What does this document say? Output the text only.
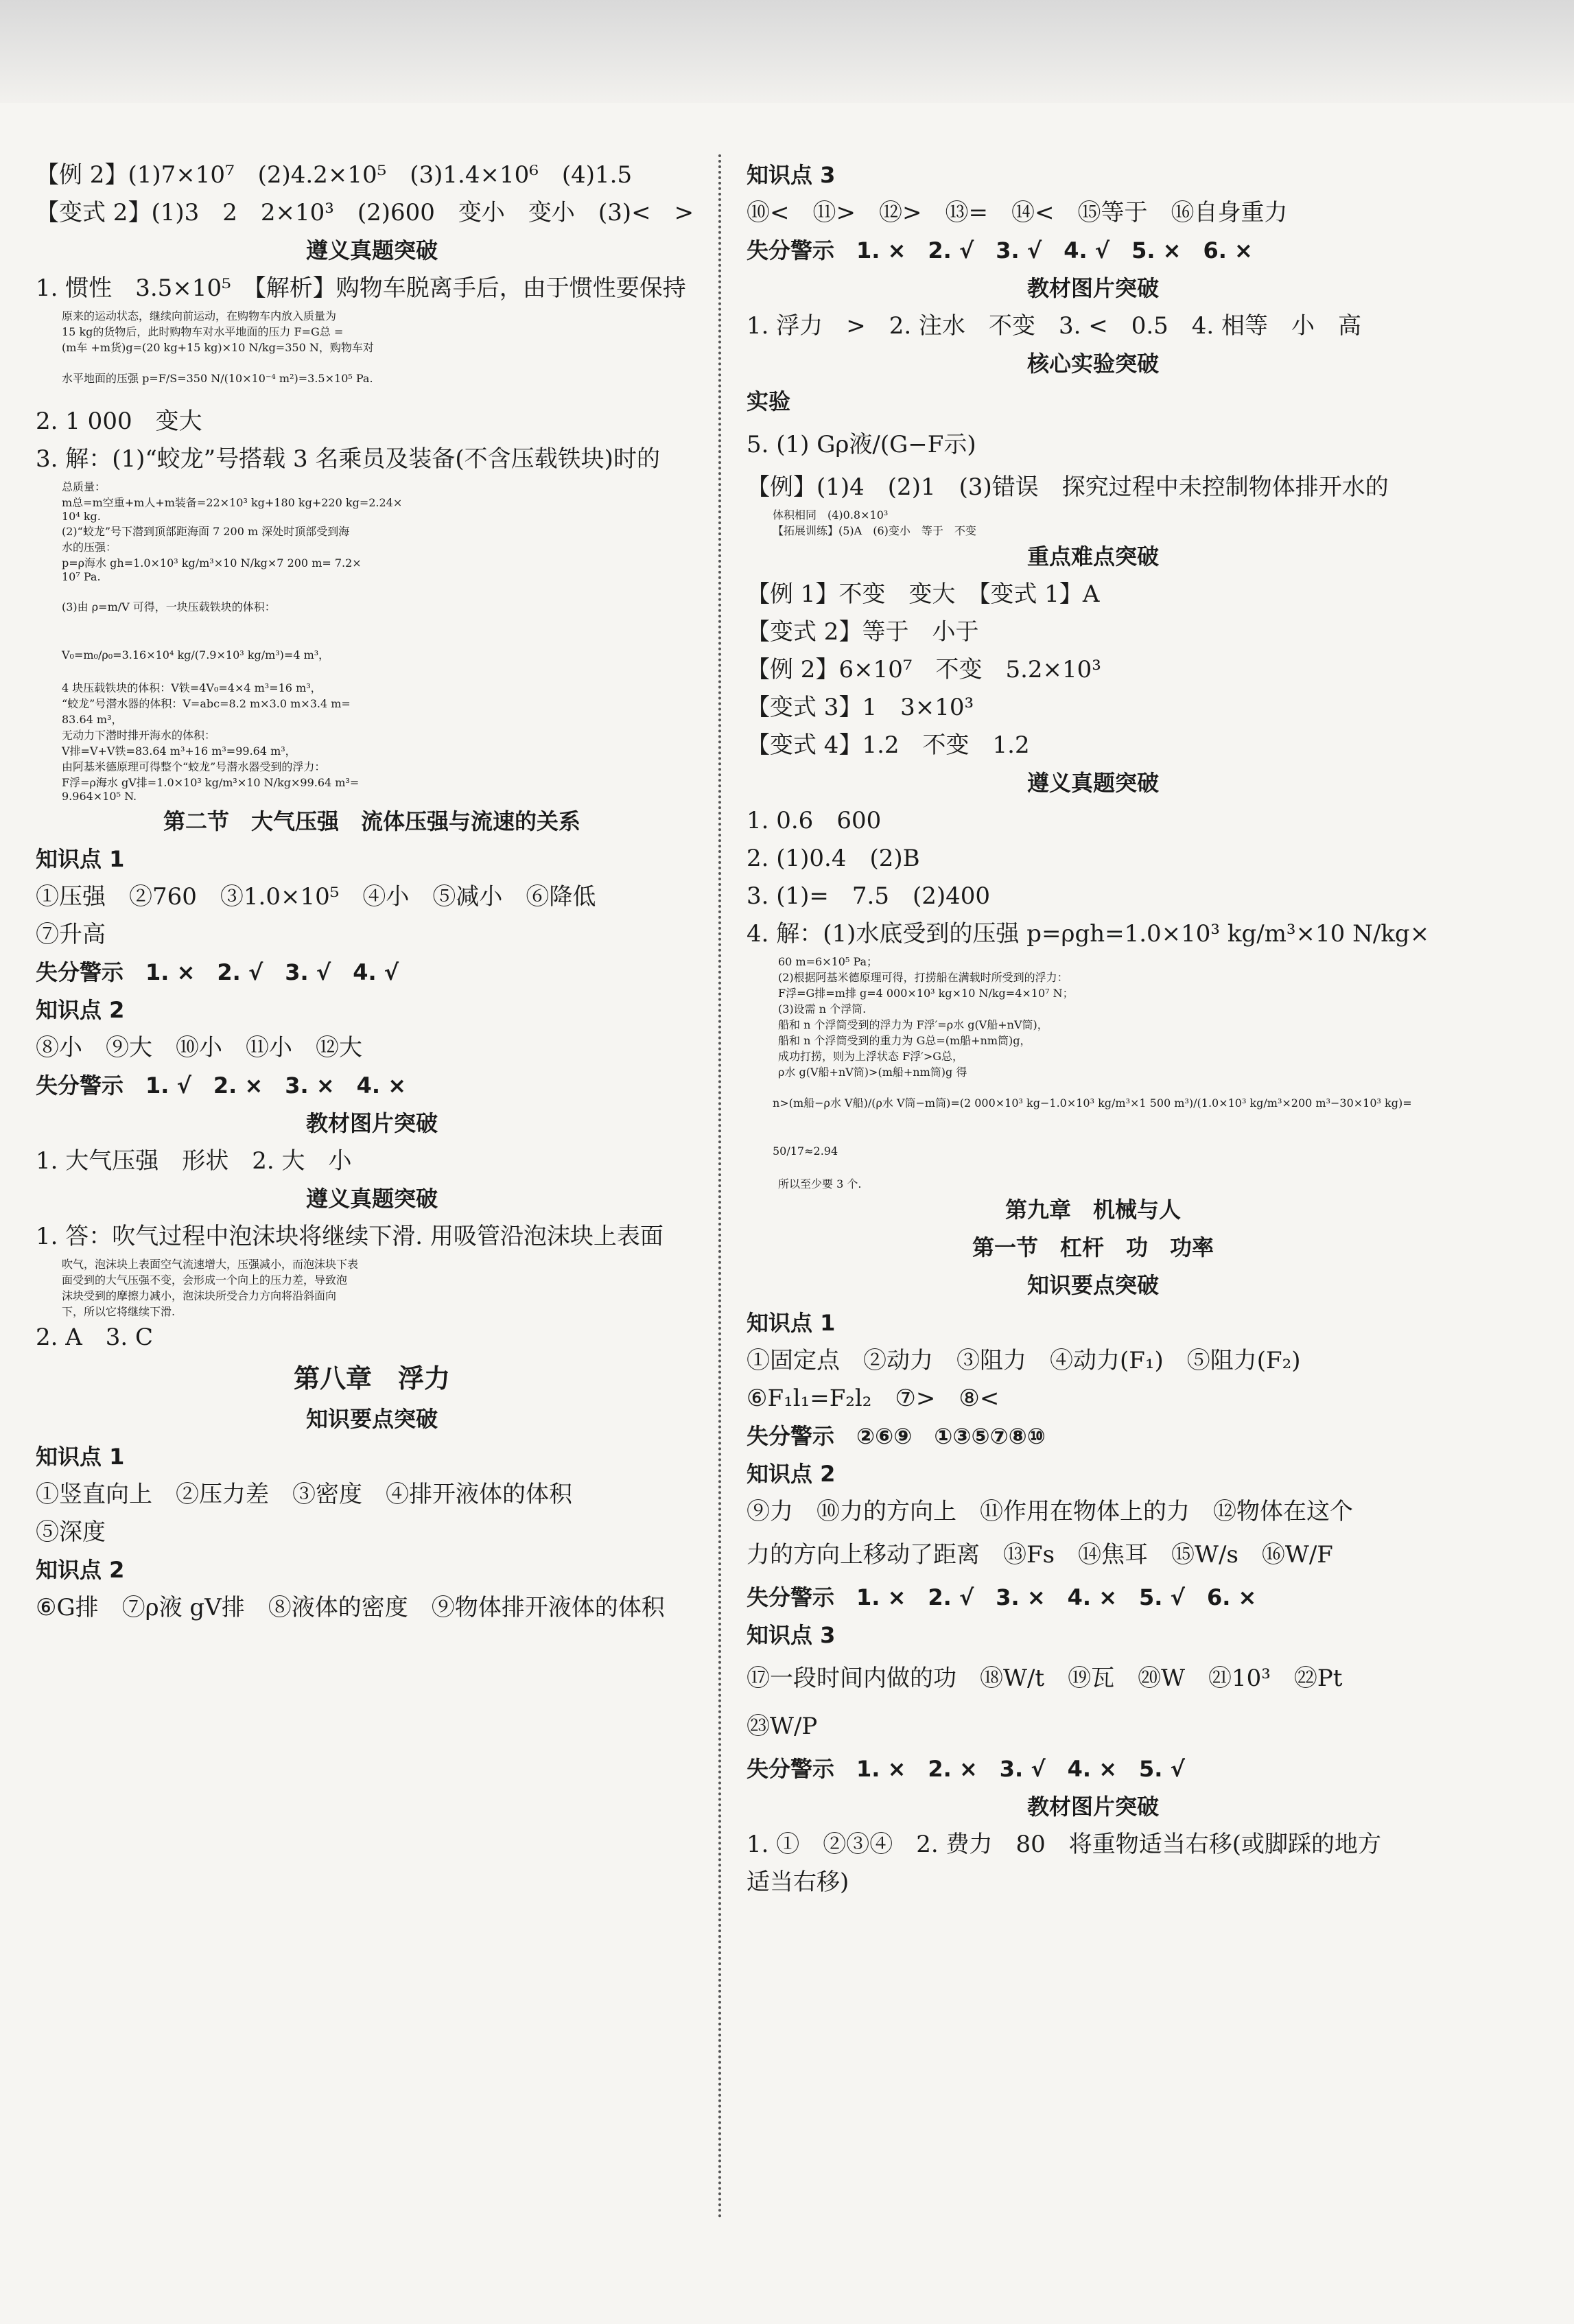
【例 2】(1)7×10⁷　(2)4.2×10⁵　(3)1.4×10⁶　(4)1.5
【变式 2】(1)3　2　2×10³　(2)600　变小　变小　(3)<　>
遵义真题突破
1. 惯性　3.5×10⁵　【解析】购物车脱离手后，由于惯性要保持
原来的运动状态，继续向前运动，在购物车内放入质量为
15 kg的货物后，此时购物车对水平地面的压力 F=G总 =
(m车 +m货)g=(20 kg+15 kg)×10 N/kg=350 N，购物车对
水平地面的压强 p=F/S=350 N/(10×10⁻⁴ m²)=3.5×10⁵ Pa.
2. 1 000　变大
3. 解：(1)“蛟龙”号搭载 3 名乘员及装备(不含压载铁块)时的
总质量：
m总=m空重+m人+m装备=22×10³ kg+180 kg+220 kg=2.24×
10⁴ kg.
(2)“蛟龙”号下潜到顶部距海面 7 200 m 深处时顶部受到海
水的压强：
p=ρ海水 gh=1.0×10³ kg/m³×10 N/kg×7 200 m= 7.2×
10⁷ Pa.
(3)由 ρ=m/V 可得，一块压载铁块的体积：
V₀=m₀/ρ₀=3.16×10⁴ kg/(7.9×10³ kg/m³)=4 m³，
4 块压载铁块的体积：V铁=4V₀=4×4 m³=16 m³，
“蛟龙”号潜水器的体积：V=abc=8.2 m×3.0 m×3.4 m=
83.64 m³，
无动力下潜时排开海水的体积：
V排=V+V铁=83.64 m³+16 m³=99.64 m³，
由阿基米德原理可得整个“蛟龙”号潜水器受到的浮力：
F浮=ρ海水 gV排=1.0×10³ kg/m³×10 N/kg×99.64 m³=
9.964×10⁵ N.
第二节　大气压强　流体压强与流速的关系
知识点 1
①压强　②760　③1.0×10⁵　④小　⑤减小　⑥降低
⑦升高
失分警示　1. ×　2. √　3. √　4. √
知识点 2
⑧小　⑨大　⑩小　⑪小　⑫大
失分警示　1. √　2. ×　3. ×　4. ×
教材图片突破
1. 大气压强　形状　2. 大　小
遵义真题突破
1. 答：吹气过程中泡沫块将继续下滑. 用吸管沿泡沫块上表面
吹气，泡沫块上表面空气流速增大，压强减小，而泡沫块下表
面受到的大气压强不变，会形成一个向上的压力差，导致泡
沫块受到的摩擦力减小，泡沫块所受合力方向将沿斜面向
下，所以它将继续下滑.
2. A　3. C
第八章　浮力
知识要点突破
知识点 1
①竖直向上　②压力差　③密度　④排开液体的体积
⑤深度
知识点 2
⑥G排　⑦ρ液 gV排　⑧液体的密度　⑨物体排开液体的体积
知识点 3
⑩<　⑪>　⑫>　⑬=　⑭<　⑮等于　⑯自身重力
失分警示　1. ×　2. √　3. √　4. √　5. ×　6. ×
教材图片突破
1. 浮力　>　2. 注水　不变　3. <　0.5　4. 相等　小　高
核心实验突破
实验
5. (1) Gρ液/(G−F示)
【例】(1)4　(2)1　(3)错误　探究过程中未控制物体排开水的
体积相同　(4)0.8×10³
【拓展训练】(5)A　(6)变小　等于　不变
重点难点突破
【例 1】不变　变大　【变式 1】A
【变式 2】等于　小于
【例 2】6×10⁷　不变　5.2×10³
【变式 3】1　3×10³
【变式 4】1.2　不变　1.2
遵义真题突破
1. 0.6　600
2. (1)0.4　(2)B
3. (1)=　7.5　(2)400
4. 解：(1)水底受到的压强 p=ρgh=1.0×10³ kg/m³×10 N/kg×
60 m=6×10⁵ Pa；
(2)根据阿基米德原理可得，打捞船在满载时所受到的浮力：
F浮=G排=m排 g=4 000×10³ kg×10 N/kg=4×10⁷ N；
(3)设需 n 个浮筒.
船和 n 个浮筒受到的浮力为 F浮′=ρ水 g(V船+nV筒)，
船和 n 个浮筒受到的重力为 G总=(m船+nm筒)g，
成功打捞，则为上浮状态 F浮′>G总，
ρ水 g(V船+nV筒)>(m船+nm筒)g 得
n>(m船−ρ水 V船)/(ρ水 V筒−m筒)=(2 000×10³ kg−1.0×10³ kg/m³×1 500 m³)/(1.0×10³ kg/m³×200 m³−30×10³ kg)=
50/17≈2.94
所以至少要 3 个.
第九章　机械与人
第一节　杠杆　功　功率
知识要点突破
知识点 1
①固定点　②动力　③阻力　④动力(F₁)　⑤阻力(F₂)
⑥F₁l₁=F₂l₂　⑦>　⑧<
失分警示　②⑥⑨　①③⑤⑦⑧⑩
知识点 2
⑨力　⑩力的方向上　⑪作用在物体上的力　⑫物体在这个
力的方向上移动了距离　⑬Fs　⑭焦耳　⑮W/s　⑯W/F
失分警示　1. ×　2. √　3. ×　4. ×　5. √　6. ×
知识点 3
⑰一段时间内做的功　⑱W/t　⑲瓦　⑳W　㉑10³　㉒Pt
㉓W/P
失分警示　1. ×　2. ×　3. √　4. ×　5. √
教材图片突破
1. ①　②③④　2. 费力　80　将重物适当右移(或脚踩的地方
适当右移)
